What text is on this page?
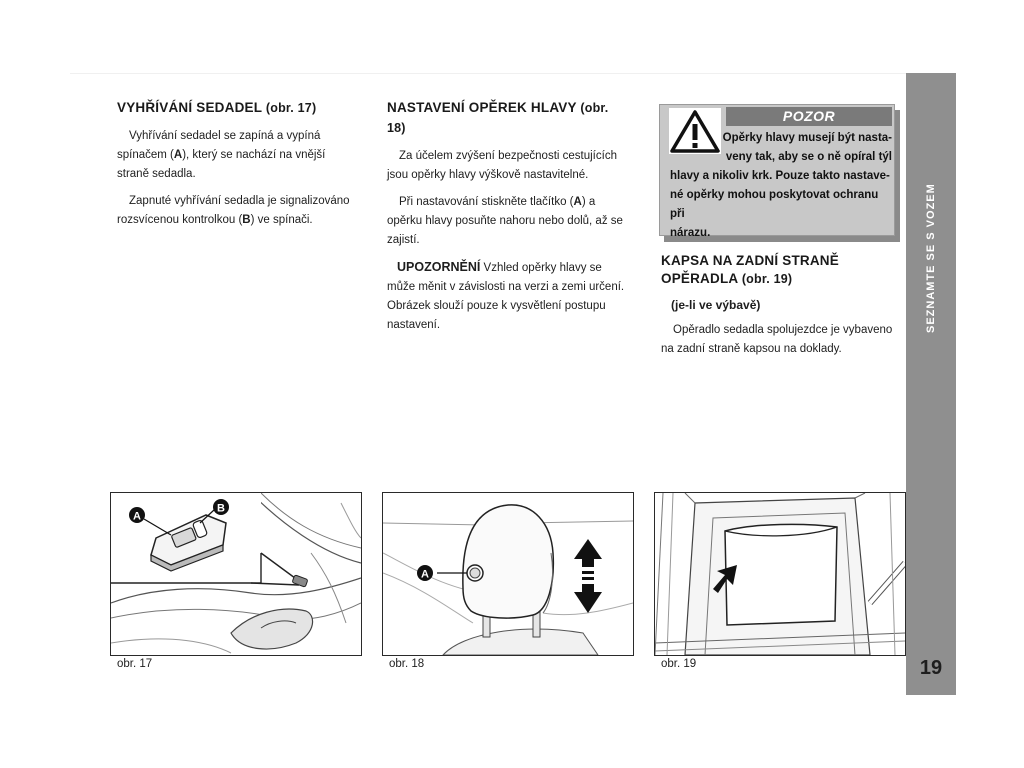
VYHŘÍVÁNÍ SEDADEL (obr. 17)

Vyhřívání sedadel se zapíná a vypíná spínačem (A), který se nachází na vnější straně sedadla.

Zapnuté vyhřívání sedadla je signalizováno rozsvícenou kontrolkou (B) ve spínači.

NASTAVENÍ OPĚREK HLAVY (obr. 18)

Za účelem zvýšení bezpečnosti cestujících jsou opěrky hlavy výškově nastavitelné.

Při nastavování stiskněte tlačítko (A) a opěrku hlavy posuňte nahoru nebo dolů, až se zajistí.

UPOZORNĚNÍ Vzhled opěrky hlavy se může měnit v závislosti na verzi a zemi určení. Obrázek slouží pouze k vysvětlení postupu nastavení.

POZOR
Opěrky hlavy musejí být nasta-
veny tak, aby se o ně opíral týl
hlavy a nikoliv krk. Pouze takto nastave-
né opěrky mohou poskytovat ochranu při
nárazu.
KAPSA NA ZADNÍ STRANĚ
OPĚRADLA (obr. 19)
(je-li ve výbavě)

Opěradlo sedadla spolujezdce je vybaveno na zadní straně kapsou na doklady.

SEZNAMTE SE S VOZEM
19
A
B
obr. 17
A
obr. 18	obr. 19
